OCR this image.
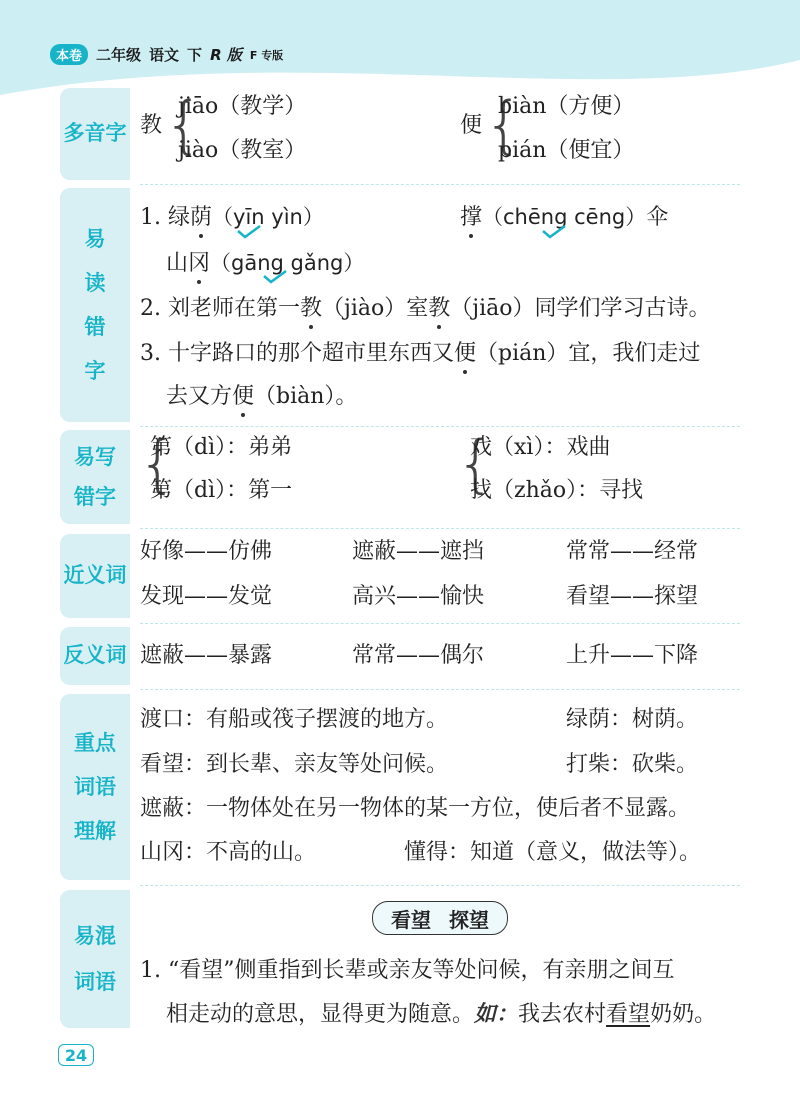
本卷 二年级 语文 下 R 版 F 专版
多音字 教 {
jiāo（教学）
jiào（教室）
便 {
biàn（方便）
pián（便宜）
易
读
错
字
1. 绿荫（yīn yìn）	撑（chēng cēng）伞
山冈（gāng gǎng）
2. 刘老师在第一教（jiào）室教（jiāo）同学们学习古诗。
3. 十字路口的那个超市里东西又便（pián）宜，我们走过
去又方便（biàn）。
易写
错字 {
第（dì）：弟弟
第（dì）：第一	{
戏（xì）：戏曲
找（zhǎo）：寻找
近义词
好像——仿佛	遮蔽——遮挡	常常——经常
发现——发觉	高兴——愉快	看望——探望
反义词 遮蔽——暴露	常常——偶尔	上升——下降
重点
词语
理解
渡口：有船或筏子摆渡的地方。	绿荫：树荫。
看望：到长辈、亲友等处问候。	打柴：砍柴。
遮蔽：一物体处在另一物体的某一方位，使后者不显露。
山冈：不高的山。	懂得：知道（意义，做法等）。
易混
词语
看望 探望
1. “看望”侧重指到长辈或亲友等处问候，有亲朋之间互
相走动的意思，显得更为随意。如：我去农村看望奶奶。
24
